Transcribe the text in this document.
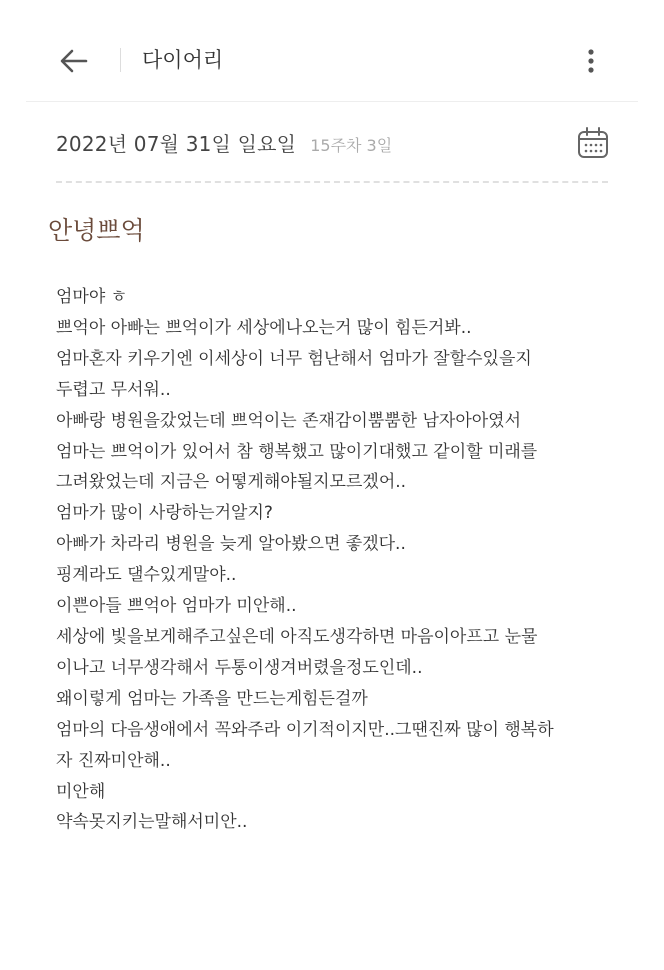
다이어리
2022년 07월 31일 일요일 15주차 3일
안녕쁘억
엄마야 ㅎ
쁘억아 아빠는 쁘억이가 세상에나오는거 많이 힘든거봐..
엄마혼자 키우기엔 이세상이 너무 험난해서 엄마가 잘할수있을지
두렵고 무서워..
아빠랑 병원을갔었는데 쁘억이는 존재감이뿜뿜한 남자아아였서
엄마는 쁘억이가 있어서 참 행복했고 많이기대했고 같이할 미래를
그려왔었는데 지금은 어떻게해야될지모르겠어..
엄마가 많이 사랑하는거알지?
아빠가 차라리 병원을 늦게 알아봤으면 좋겠다..
핑계라도 댈수있게말야..
이쁜아들 쁘억아 엄마가 미안해..
세상에 빛을보게해주고싶은데 아직도생각하면 마음이아프고 눈물
이나고 너무생각해서 두통이생겨버렸을정도인데..
왜이렇게 엄마는 가족을 만드는게힘든걸까
엄마의 다음생애에서 꼭와주라 이기적이지만..그땐진짜 많이 행복하
자 진짜미안해..
미안해
약속못지키는말해서미안..
